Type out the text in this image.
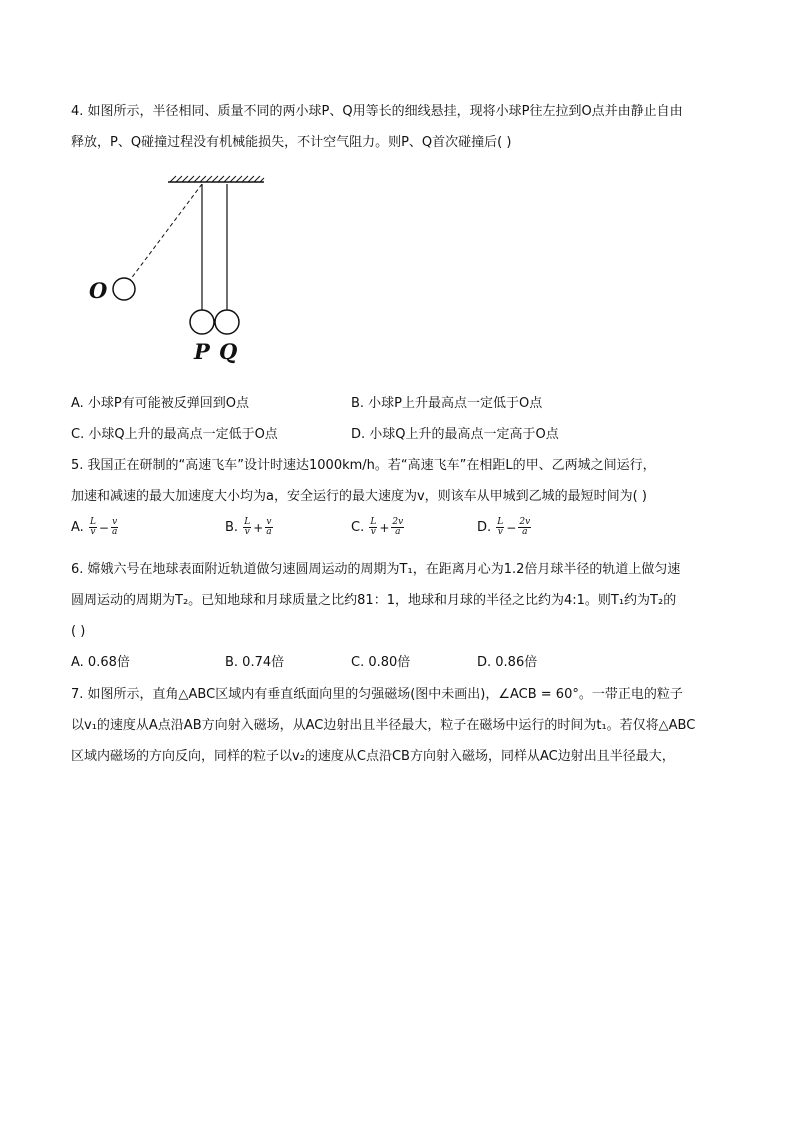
4. 如图所示，半径相同、质量不同的两小球P、Q用等长的细线悬挂，现将小球P往左拉到O点并由静止自由
释放，P、Q碰撞过程没有机械能损失，不计空气阻力。则P、Q首次碰撞后( )
O
P Q
A. 小球P有可能被反弹回到O点	B. 小球P上升最高点一定低于O点
C. 小球Q上升的最高点一定低于O点	D. 小球Q上升的最高点一定高于O点
5. 我国正在研制的“高速飞车”设计时速达1000km/h。若“高速飞车”在相距L的甲、乙两城之间运行，
加速和减速的最大加速度大小均为a，安全运行的最大速度为v，则该车从甲城到乙城的最短时间为( )
A. $\frac{L}{v} - \frac{v}{a}$	B. $\frac{L}{v} + \frac{v}{a}$	C. $\frac{L}{v} + \frac{2v}{a}$	D. $\frac{L}{v} - \frac{2v}{a}$
6. 嫦娥六号在地球表面附近轨道做匀速圆周运动的周期为T₁，在距离月心为1.2倍月球半径的轨道上做匀速
圆周运动的周期为T₂。已知地球和月球质量之比约81：1，地球和月球的半径之比约为4:1。则T₁约为T₂的
( )
A. 0.68倍	B. 0.74倍	C. 0.80倍	D. 0.86倍
7. 如图所示，直角△ABC区域内有垂直纸面向里的匀强磁场(图中未画出)，∠ACB = 60°。一带正电的粒子
以v₁的速度从A点沿AB方向射入磁场，从AC边射出且半径最大，粒子在磁场中运行的时间为t₁。若仅将△ABC
区域内磁场的方向反向，同样的粒子以v₂的速度从C点沿CB方向射入磁场，同样从AC边射出且半径最大，
